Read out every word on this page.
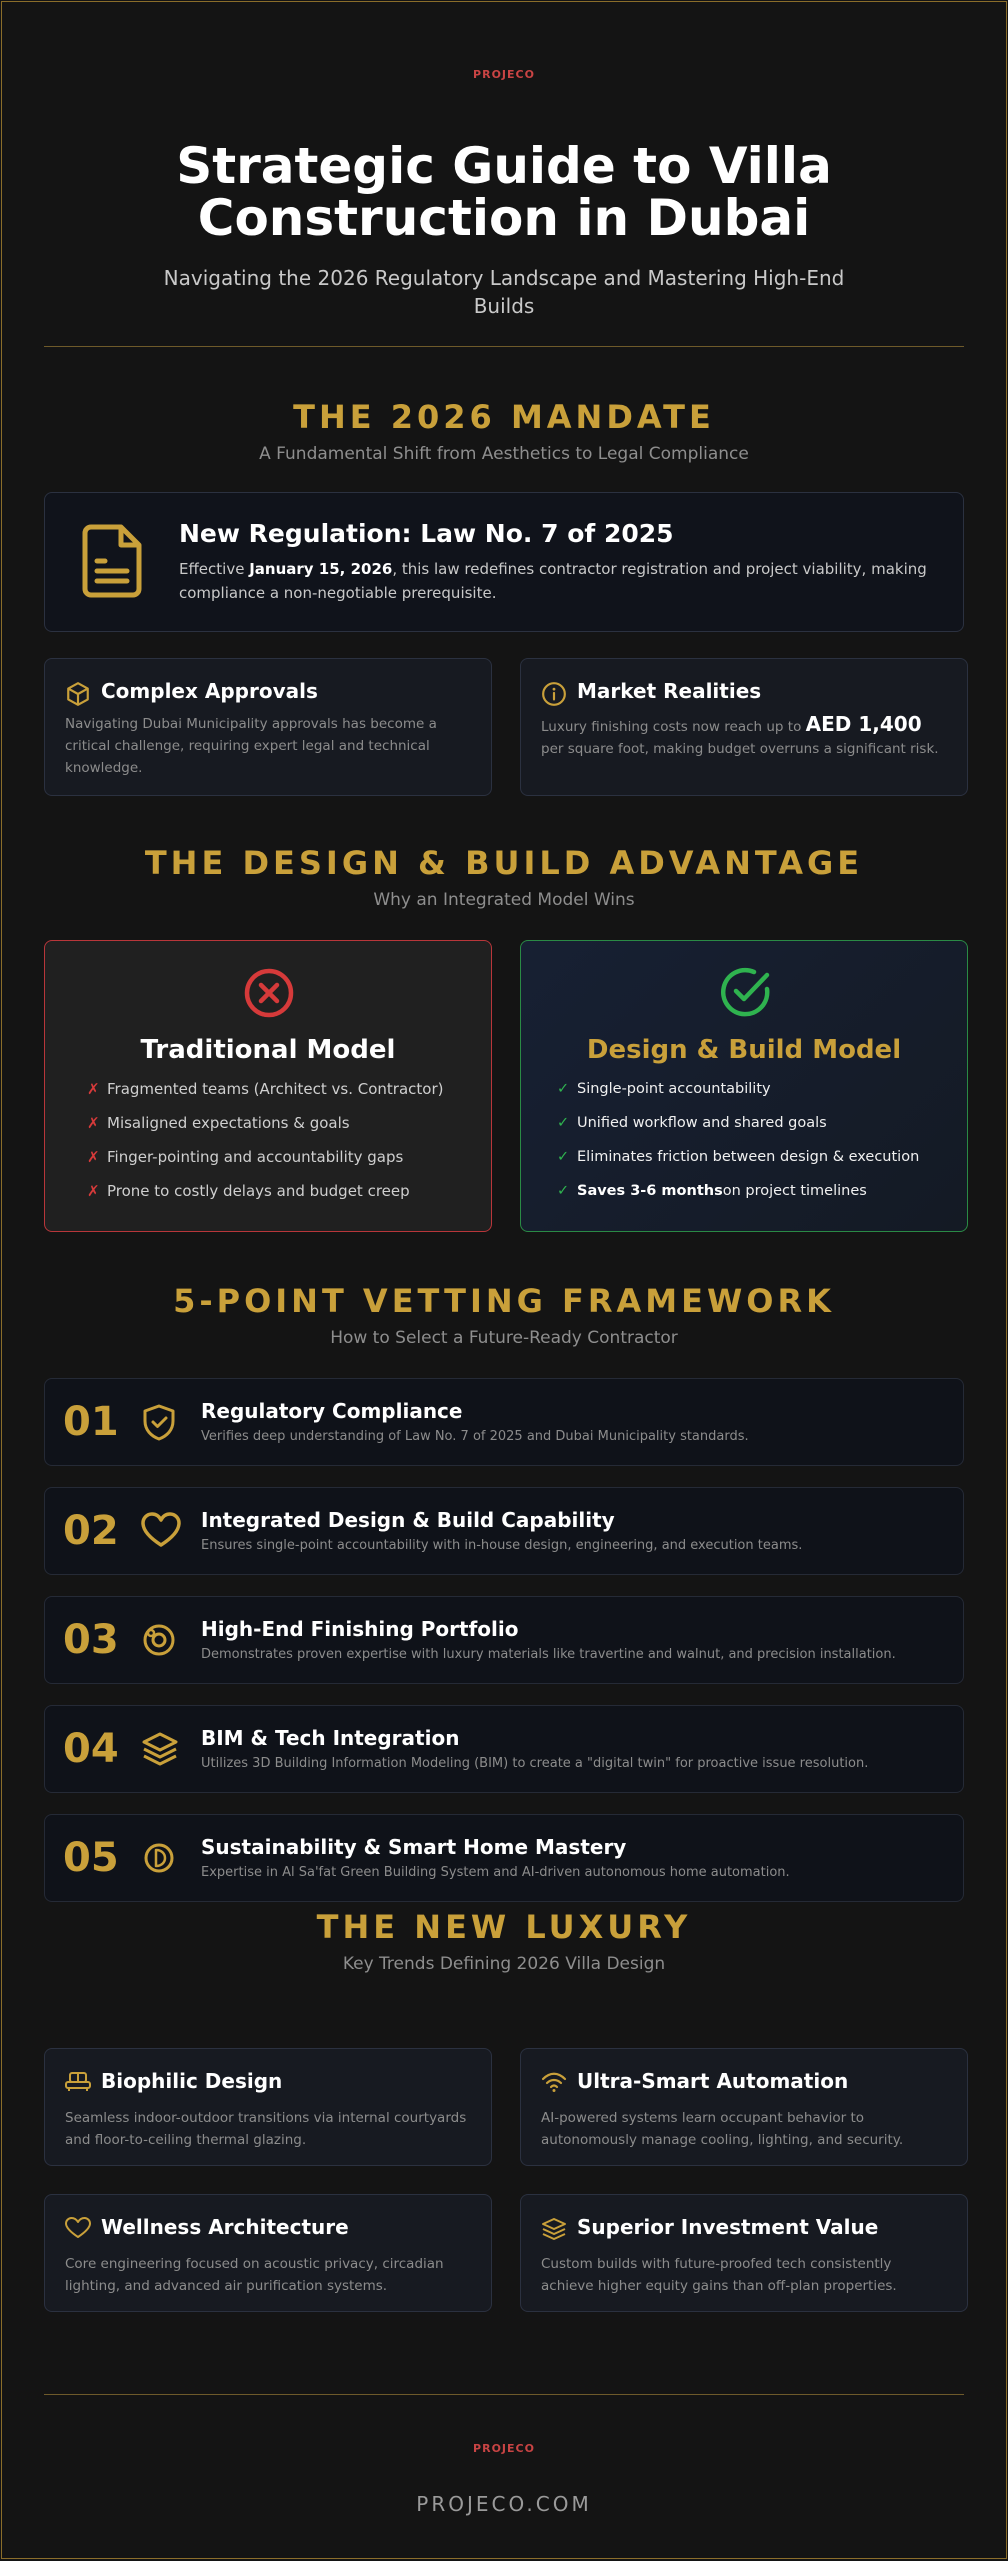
PROJECO
Strategic Guide to Villa
Construction in Dubai
Navigating the 2026 Regulatory Landscape and Mastering High-End Builds
THE 2026 MANDATE
A Fundamental Shift from Aesthetics to Legal Compliance
New Regulation: Law No. 7 of 2025
Effective January 15, 2026, this law redefines contractor registration and project viability, making compliance a non-negotiable prerequisite.
Complex Approvals
Navigating Dubai Municipality approvals has become a critical challenge, requiring expert legal and technical knowledge.
Market Realities
Luxury finishing costs now reach up to AED 1,400 per square foot, making budget overruns a significant risk.
THE DESIGN & BUILD ADVANTAGE
Why an Integrated Model Wins
Traditional Model
✗ Fragmented teams (Architect vs. Contractor)
✗ Misaligned expectations & goals
✗ Finger-pointing and accountability gaps
✗ Prone to costly delays and budget creep
Design & Build Model
✓ Single-point accountability
✓ Unified workflow and shared goals
✓ Eliminates friction between design & execution
✓ Saves 3-6 monthson project timelines
5-POINT VETTING FRAMEWORK
How to Select a Future-Ready Contractor
01	Regulatory Compliance
Verifies deep understanding of Law No. 7 of 2025 and Dubai Municipality standards.
02	Integrated Design & Build Capability
Ensures single-point accountability with in-house design, engineering, and execution teams.
03	High-End Finishing Portfolio
Demonstrates proven expertise with luxury materials like travertine and walnut, and precision installation.
04	BIM & Tech Integration
Utilizes 3D Building Information Modeling (BIM) to create a "digital twin" for proactive issue resolution.
05	Sustainability & Smart Home Mastery
Expertise in Al Sa'fat Green Building System and AI-driven autonomous home automation.
THE NEW LUXURY
Key Trends Defining 2026 Villa Design
Biophilic Design
Seamless indoor-outdoor transitions via internal courtyards and floor-to-ceiling thermal glazing.
Ultra-Smart Automation
AI-powered systems learn occupant behavior to autonomously manage cooling, lighting, and security.
Wellness Architecture
Core engineering focused on acoustic privacy, circadian lighting, and advanced air purification systems.
Superior Investment Value
Custom builds with future-proofed tech consistently achieve higher equity gains than off-plan properties.
PROJECO
PROJECO.COM
